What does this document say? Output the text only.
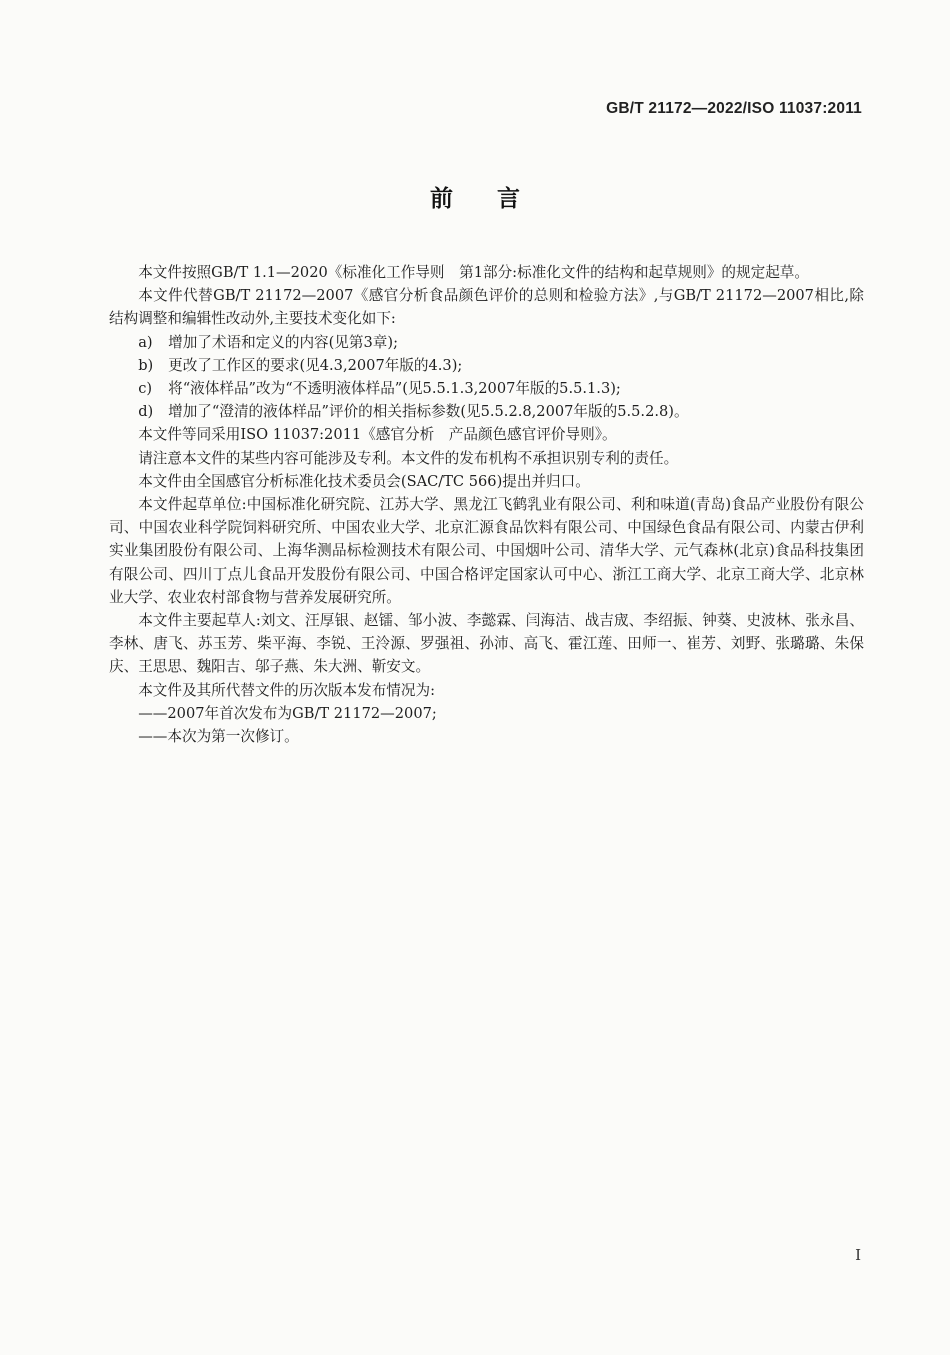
GB/T 21172—2022/ISO 11037:2011
前言

本文件按照GB/T 1.1—2020《标准化工作导则　第1部分:标准化文件的结构和起草规则》的规定起草。

本文件代替GB/T 21172—2007《感官分析食品颜色评价的总则和检验方法》,与GB/T 21172—2007相比,除结构调整和编辑性改动外,主要技术变化如下:

a) 增加了术语和定义的内容(见第3章);

b) 更改了工作区的要求(见4.3,2007年版的4.3);

c) 将“液体样品”改为“不透明液体样品”(见5.5.1.3,2007年版的5.5.1.3);

d) 增加了“澄清的液体样品”评价的相关指标参数(见5.5.2.8,2007年版的5.5.2.8)。

本文件等同采用ISO 11037:2011《感官分析　产品颜色感官评价导则》。

请注意本文件的某些内容可能涉及专利。本文件的发布机构不承担识别专利的责任。

本文件由全国感官分析标准化技术委员会(SAC/TC 566)提出并归口。

本文件起草单位:中国标准化研究院、江苏大学、黑龙江飞鹤乳业有限公司、利和味道(青岛)食品产业股份有限公司、中国农业科学院饲料研究所、中国农业大学、北京汇源食品饮料有限公司、中国绿色食品有限公司、内蒙古伊利实业集团股份有限公司、上海华测品标检测技术有限公司、中国烟叶公司、清华大学、元气森林(北京)食品科技集团有限公司、四川丁点儿食品开发股份有限公司、中国合格评定国家认可中心、浙江工商大学、北京工商大学、北京林业大学、农业农村部食物与营养发展研究所。

本文件主要起草人:刘文、汪厚银、赵镭、邹小波、李懿霖、闫海洁、战吉宬、李绍振、钟葵、史波林、张永昌、李林、唐飞、苏玉芳、柴平海、李锐、王泠源、罗强祖、孙沛、高飞、霍江莲、田师一、崔芳、刘野、张璐璐、朱保庆、王思思、魏阳吉、邬子燕、朱大洲、靳安文。

本文件及其所代替文件的历次版本发布情况为:

——2007年首次发布为GB/T 21172—2007;

——本次为第一次修订。

I
